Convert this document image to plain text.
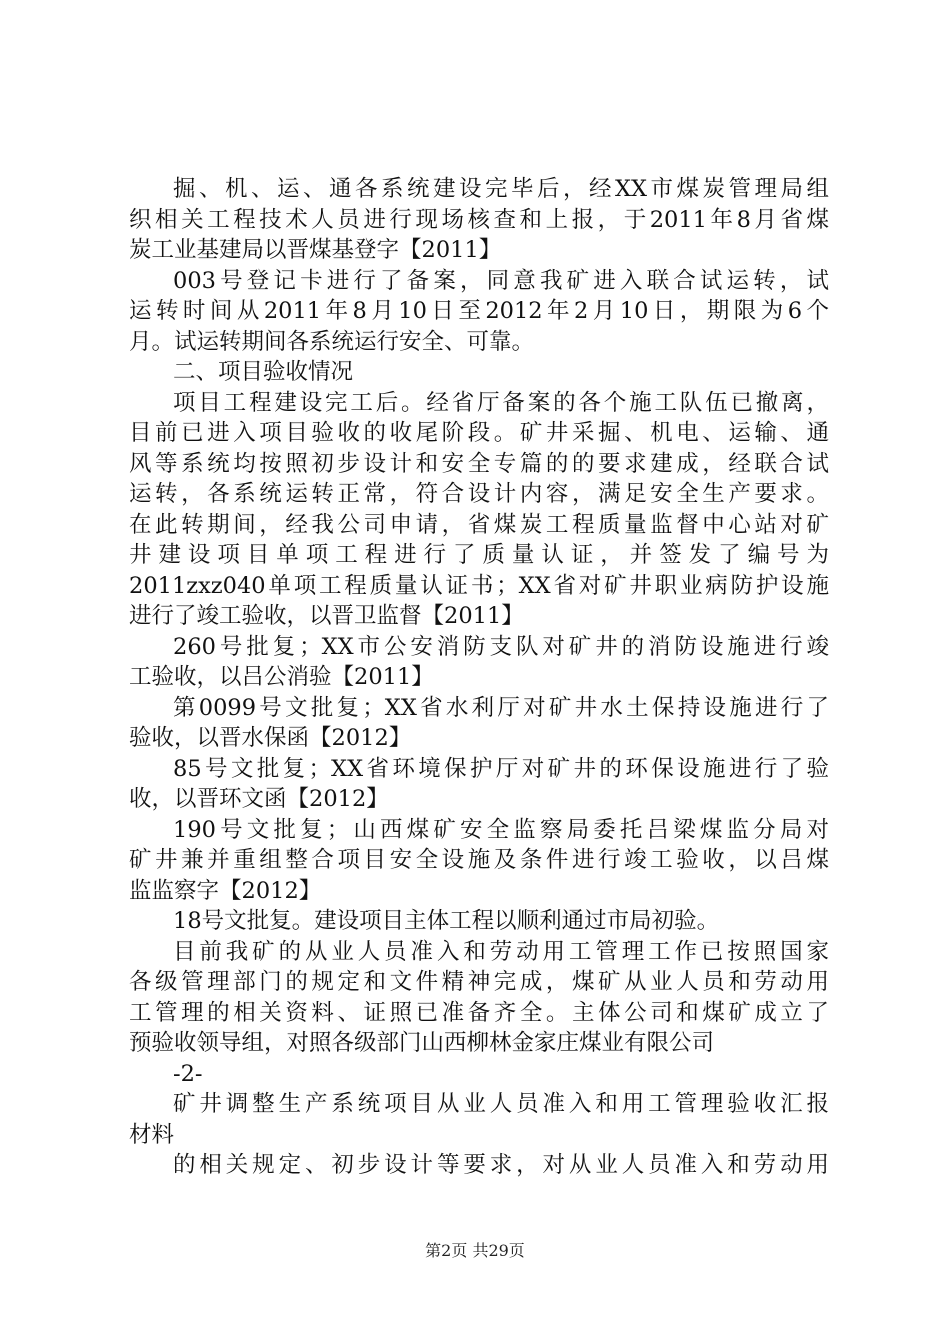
掘、机、运、通各系统建设完毕后，经XX市煤炭管理局组
织相关工程技术人员进行现场核查和上报，于2011年8月省煤
炭工业基建局以晋煤基登字【2011】
003号登记卡进行了备案，同意我矿进入联合试运转，试
运转时间从2011年8月10日至2012年2月10日，期限为6个
月。试运转期间各系统运行安全、可靠。
二、项目验收情况
项目工程建设完工后。经省厅备案的各个施工队伍已撤离，
目前已进入项目验收的收尾阶段。矿井采掘、机电、运输、通
风等系统均按照初步设计和安全专篇的的要求建成，经联合试
运转，各系统运转正常，符合设计内容，满足安全生产要求。
在此转期间，经我公司申请，省煤炭工程质量监督中心站对矿
井建设项目单项工程进行了质量认证，并签发了编号为
2011zxz040单项工程质量认证书；XX省对矿井职业病防护设施
进行了竣工验收，以晋卫监督【2011】
260号批复；XX市公安消防支队对矿井的消防设施进行竣
工验收，以吕公消验【2011】
第0099号文批复；XX省水利厅对矿井水土保持设施进行了
验收，以晋水保函【2012】
85号文批复；XX省环境保护厅对矿井的环保设施进行了验
收，以晋环文函【2012】
190号文批复；山西煤矿安全监察局委托吕梁煤监分局对
矿井兼并重组整合项目安全设施及条件进行竣工验收，以吕煤
监监察字【2012】
18号文批复。建设项目主体工程以顺利通过市局初验。
目前我矿的从业人员准入和劳动用工管理工作已按照国家
各级管理部门的规定和文件精神完成，煤矿从业人员和劳动用
工管理的相关资料、证照已准备齐全。主体公司和煤矿成立了
预验收领导组，对照各级部门山西柳林金家庄煤业有限公司
-2-
矿井调整生产系统项目从业人员准入和用工管理验收汇报
材料
的相关规定、初步设计等要求，对从业人员准入和劳动用
第2页 共29页
